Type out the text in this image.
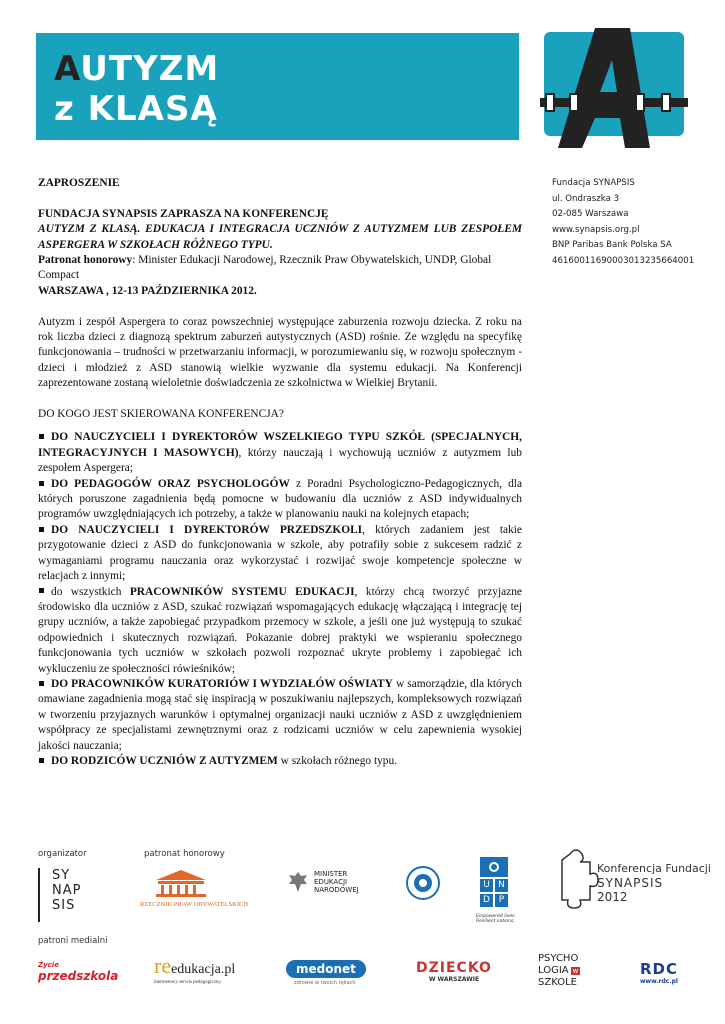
AUTYZM
z KLASĄ
Fundacja SYNAPSIS
ul. Ondraszka 3
02-085 Warszawa
www.synapsis.org.pl
BNP Paribas Bank Polska SA
46160011690003013235664001

ZAPROSZENIE

FUNDACJA SYNAPSIS ZAPRASZA NA KONFERENCJĘ

AUTYZM Z KLASĄ. EDUKACJA I INTEGRACJA UCZNIÓW Z AUTYZMEM LUB ZESPOŁEM ASPERGERA W SZKOŁACH RÓŻNEGO TYPU.

Patronat honorowy: Minister Edukacji Narodowej, Rzecznik Praw Obywatelskich, UNDP, Global Compact

WARSZAWA , 12-13 PAŹDZIERNIKA 2012.

Autyzm i zespół Aspergera to coraz powszechniej występujące zaburzenia rozwoju dziecka. Z roku na rok liczba dzieci z diagnozą spektrum zaburzeń autystycznych (ASD) rośnie. Ze względu na specyfikę funkcjonowania – trudności w przetwarzaniu informacji, w porozumiewaniu się, w rozwoju społecznym - dzieci i młodzież z ASD stanowią wielkie wyzwanie dla systemu edukacji. Na Konferencji zaprezentowane zostaną wieloletnie doświadczenia ze szkolnictwa w Wielkiej Brytanii.

DO KOGO JEST SKIEROWANA KONFERENCJA?

DO NAUCZYCIELI I DYREKTORÓW WSZELKIEGO TYPU SZKÓŁ (SPECJALNYCH, INTEGRACYJNYCH I MASOWYCH), którzy nauczają i wychowują uczniów z autyzmem lub zespołem Aspergera;

DO PEDAGOGÓW ORAZ PSYCHOLOGÓW z Poradni Psychologiczno-Pedagogicznych, dla których poruszone zagadnienia będą pomocne w budowaniu dla uczniów z ASD indywidualnych programów uwzględniających ich potrzeby, a także w planowaniu nauki na kolejnych etapach;

DO NAUCZYCIELI I DYREKTORÓW PRZEDSZKOLI, których zadaniem jest takie przygotowanie dzieci z ASD do funkcjonowania w szkole, aby potrafiły sobie z sukcesem radzić z wymaganiami programu nauczania oraz wykorzystać i rozwijać swoje kompetencje społeczne w relacjach z innymi;

do wszystkich PRACOWNIKÓW SYSTEMU EDUKACJI, którzy chcą tworzyć przyjazne środowisko dla uczniów z ASD, szukać rozwiązań wspomagających edukację włączającą i integrację tej grupy uczniów, a także zapobiegać przypadkom przemocy w szkole, a jeśli one już występują to szukać odpowiednich i skutecznych rozwiązań. Pokazanie dobrej praktyki we wspieraniu społecznego funkcjonowania tych uczniów w szkołach pozwoli rozpoznać ukryte problemy i zapobiegać ich wykluczeniu ze społeczności rówieśników;

DO PRACOWNIKÓW KURATORIÓW I WYDZIAŁÓW OŚWIATY w samorządzie, dla których omawiane zagadnienia mogą stać się inspiracją w poszukiwaniu najlepszych, kompleksowych rozwiązań w tworzeniu przyjaznych warunków i optymalnej organizacji nauki uczniów z ASD z uwzględnieniem współpracy ze specjalistami zewnętrznymi oraz z rodzicami uczniów w celu zapewnienia wysokiej jakości nauczania;

DO RODZICÓW UCZNIÓW Z AUTYZMEM w szkołach różnego typu.

organizator	patronat honorowy
patroni medialni
SY
NAP
SIS	RZECZNIK PRAW OBYWATELSKICH
MINISTER
EDUKACJI
NARODOWEJ	U N
D P
Empowered lives. Resilient nations.
Konferencja Fundacji
SYNAPSIS
2012
Życie
przedszkola reedukacja.pl
internetowy serwis pedagogiczny
medonet
zdrowie w twoich rękach
DZIECKO
W WARSZAWIE
PSYCHO
LOGIA w
SZKOLE
RDC
www.rdc.pl
